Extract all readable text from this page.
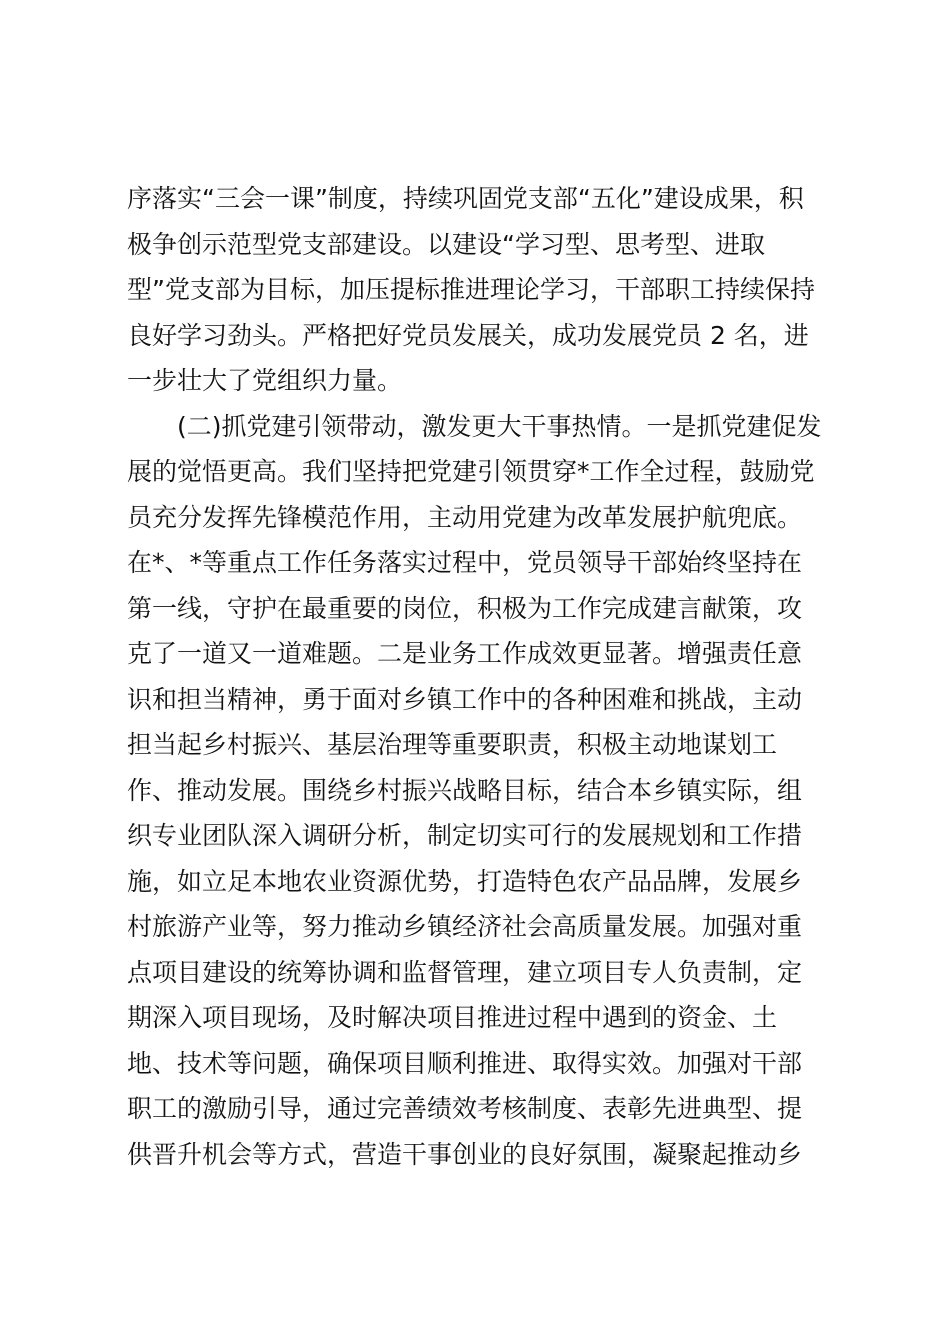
序落实“三会一课”制度，持续巩固党支部“五化”建设成果，积
极争创示范型党支部建设。以建设“学习型、思考型、进取
型”党支部为目标，加压提标推进理论学习，干部职工持续保持
良好学习劲头。严格把好党员发展关，成功发展党员 2 名，进
一步壮大了党组织力量。
(二)抓党建引领带动，激发更大干事热情。一是抓党建促发
展的觉悟更高。我们坚持把党建引领贯穿*工作全过程，鼓励党
员充分发挥先锋模范作用，主动用党建为改革发展护航兜底。
在*、*等重点工作任务落实过程中，党员领导干部始终坚持在
第一线，守护在最重要的岗位，积极为工作完成建言献策，攻
克了一道又一道难题。二是业务工作成效更显著。增强责任意
识和担当精神，勇于面对乡镇工作中的各种困难和挑战，主动
担当起乡村振兴、基层治理等重要职责，积极主动地谋划工
作、推动发展。围绕乡村振兴战略目标，结合本乡镇实际，组
织专业团队深入调研分析，制定切实可行的发展规划和工作措
施，如立足本地农业资源优势，打造特色农产品品牌，发展乡
村旅游产业等，努力推动乡镇经济社会高质量发展。加强对重
点项目建设的统筹协调和监督管理，建立项目专人负责制，定
期深入项目现场，及时解决项目推进过程中遇到的资金、土
地、技术等问题，确保项目顺利推进、取得实效。加强对干部
职工的激励引导，通过完善绩效考核制度、表彰先进典型、提
供晋升机会等方式，营造干事创业的良好氛围，凝聚起推动乡
